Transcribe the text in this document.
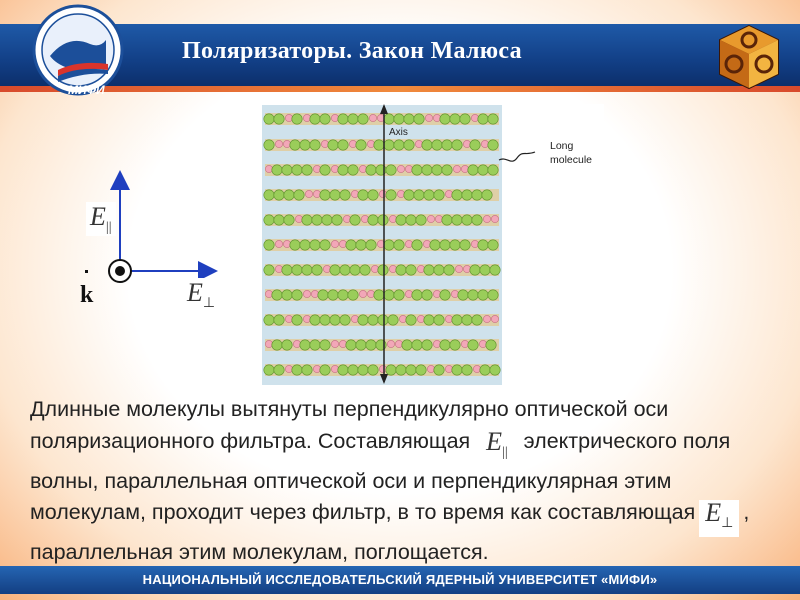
Поляризаторы. Закон Малюса
МИФИ
$E_{||}$
$E_\perp$
k
Axis
Long
molecule
Длинные молекулы вытянуты перпендикулярно оптической оси поляризационного фильтра. Составляющая $E_{||}$ электрического поля волны, параллельная оптической оси и перпендикулярная этим молекулам, проходит через фильтр, в то время как составляющая $E_\perp$ , параллельная этим молекулам, поглощается.
НАЦИОНАЛЬНЫЙ ИССЛЕДОВАТЕЛЬСКИЙ ЯДЕРНЫЙ УНИВЕРСИТЕТ «МИФИ»
